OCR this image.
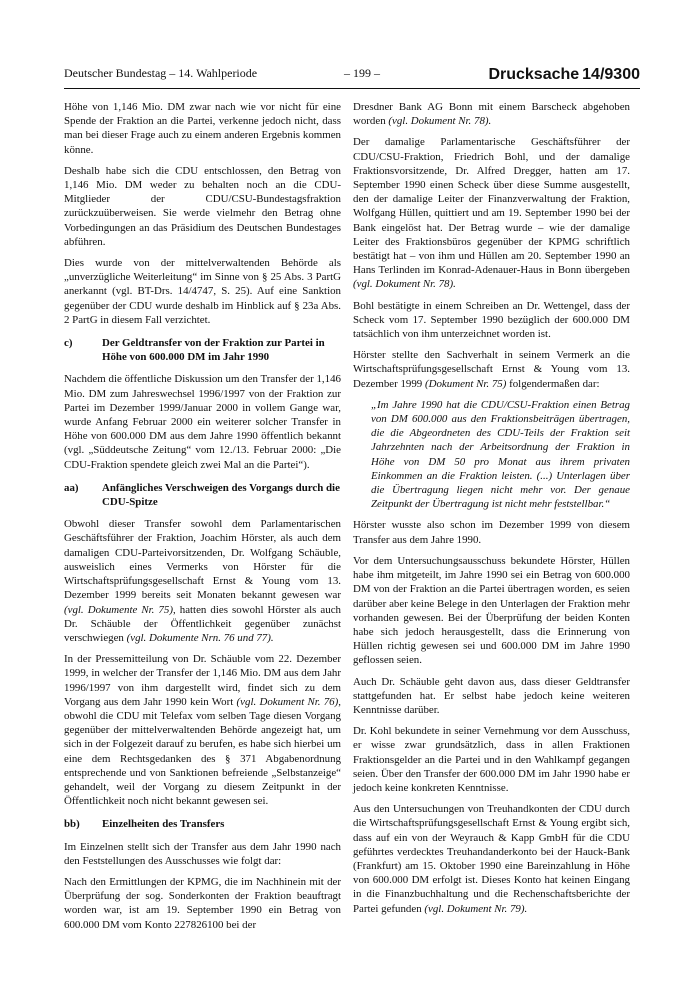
Deutscher Bundestag – 14. Wahlperiode	– 199 –	Drucksache 14/9300

Höhe von 1,146 Mio. DM zwar nach wie vor nicht für eine Spende der Fraktion an die Partei, verkenne jedoch nicht, dass man bei dieser Frage auch zu einem anderen Ergebnis kommen könne.

Deshalb habe sich die CDU entschlossen, den Betrag von 1,146 Mio. DM weder zu behalten noch an die CDU-Mitglieder der CDU/CSU-Bundestagsfraktion zurückzuüberweisen. Sie werde vielmehr den Betrag ohne Vorbedingungen an das Präsidium des Deutschen Bundestages abführen.

Dies wurde von der mittelverwaltenden Behörde als „unverzügliche Weiterleitung“ im Sinne von § 25 Abs. 3 PartG anerkannt (vgl. BT-Drs. 14/4747, S. 25). Auf eine Sanktion gegenüber der CDU wurde deshalb im Hinblick auf § 23a Abs. 2 PartG in diesem Fall verzichtet.

c)	Der Geldtransfer von der Fraktion zur Partei in Höhe von 600.000 DM im Jahr 1990

Nachdem die öffentliche Diskussion um den Transfer der 1,146 Mio. DM zum Jahreswechsel 1996/1997 von der Fraktion zur Partei im Dezember 1999/Januar 2000 in vollem Gange war, wurde Anfang Februar 2000 ein weiterer solcher Transfer in Höhe von 600.000 DM aus dem Jahre 1990 öffentlich bekannt (vgl. „Süddeutsche Zeitung“ vom 12./13. Februar 2000: „Die CDU-Fraktion spendete gleich zwei Mal an die Partei“).

aa)	Anfängliches Verschweigen des Vorgangs durch die CDU-Spitze

Obwohl dieser Transfer sowohl dem Parlamentarischen Geschäftsführer der Fraktion, Joachim Hörster, als auch dem damaligen CDU-Parteivorsitzenden, Dr. Wolfgang Schäuble, ausweislich eines Vermerks von Hörster für die Wirtschaftsprüfungsgesellschaft Ernst & Young vom 13. Dezember 1999 bereits seit Monaten bekannt gewesen war (vgl. Dokumente Nr. 75), hatten dies sowohl Hörster als auch Dr. Schäuble der Öffentlichkeit gegenüber zunächst verschwiegen (vgl. Dokumente Nrn. 76 und 77).

In der Pressemitteilung von Dr. Schäuble vom 22. Dezember 1999, in welcher der Transfer der 1,146 Mio. DM aus dem Jahr 1996/1997 von ihm dargestellt wird, findet sich zu dem Vorgang aus dem Jahr 1990 kein Wort (vgl. Dokument Nr. 76), obwohl die CDU mit Telefax vom selben Tage diesen Vorgang gegenüber der mittelverwaltenden Behörde angezeigt hat, um sich in der Folgezeit darauf zu berufen, es habe sich hierbei um eine dem Rechtsgedanken des § 371 Abgabenordnung entsprechende und von Sanktionen befreiende „Selbstanzeige“ gehandelt, weil der Vorgang zu diesem Zeitpunkt in der Öffentlichkeit noch nicht bekannt gewesen sei.

bb)	Einzelheiten des Transfers

Im Einzelnen stellt sich der Transfer aus dem Jahr 1990 nach den Feststellungen des Ausschusses wie folgt dar:

Nach den Ermittlungen der KPMG, die im Nachhinein mit der Überprüfung der sog. Sonderkonten der Fraktion beauftragt worden war, ist am 19. September 1990 ein Betrag von 600.000 DM vom Konto 227826100 bei der

Dresdner Bank AG Bonn mit einem Barscheck abgehoben worden (vgl. Dokument Nr. 78).

Der damalige Parlamentarische Geschäftsführer der CDU/CSU-Fraktion, Friedrich Bohl, und der damalige Fraktionsvorsitzende, Dr. Alfred Dregger, hatten am 17. September 1990 einen Scheck über diese Summe ausgestellt, den der damalige Leiter der Finanzverwaltung der Fraktion, Wolfgang Hüllen, quittiert und am 19. September 1990 bei der Bank eingelöst hat. Der Betrag wurde – wie der damalige Leiter des Fraktionsbüros gegenüber der KPMG schriftlich bestätigt hat – von ihm und Hüllen am 20. September 1990 an Hans Terlinden im Konrad-Adenauer-Haus in Bonn übergeben (vgl. Dokument Nr. 78).

Bohl bestätigte in einem Schreiben an Dr. Wettengel, dass der Scheck vom 17. September 1990 bezüglich der 600.000 DM tatsächlich von ihm unterzeichnet worden ist.

Hörster stellte den Sachverhalt in seinem Vermerk an die Wirtschaftsprüfungsgesellschaft Ernst & Young vom 13. Dezember 1999 (Dokument Nr. 75) folgendermaßen dar:

„Im Jahre 1990 hat die CDU/CSU-Fraktion einen Betrag von DM 600.000 aus den Fraktionsbeiträgen übertragen, die die Abgeordneten des CDU-Teils der Fraktion seit Jahrzehnten nach der Arbeitsordnung der Fraktion in Höhe von DM 50 pro Monat aus ihrem privaten Einkommen an die Fraktion leisten. (...) Unterlagen über die Übertragung liegen nicht mehr vor. Der genaue Zeitpunkt der Übertragung ist nicht mehr feststellbar.“

Hörster wusste also schon im Dezember 1999 von diesem Transfer aus dem Jahre 1990.

Vor dem Untersuchungsausschuss bekundete Hörster, Hüllen habe ihm mitgeteilt, im Jahre 1990 sei ein Betrag von 600.000 DM von der Fraktion an die Partei übertragen worden, es seien darüber aber keine Belege in den Unterlagen der Fraktion mehr vorhanden gewesen. Bei der Überprüfung der beiden Konten habe sich jedoch herausgestellt, dass die Erinnerung von Hüllen richtig gewesen sei und 600.000 DM im Jahre 1990 geflossen seien.

Auch Dr. Schäuble geht davon aus, dass dieser Geldtransfer stattgefunden hat. Er selbst habe jedoch keine weiteren Kenntnisse darüber.

Dr. Kohl bekundete in seiner Vernehmung vor dem Ausschuss, er wisse zwar grundsätzlich, dass in allen Fraktionen Fraktionsgelder an die Partei und in den Wahlkampf gegangen seien. Über den Transfer der 600.000 DM im Jahr 1990 habe er jedoch keine konkreten Kenntnisse.

Aus den Untersuchungen von Treuhandkonten der CDU durch die Wirtschaftsprüfungsgesellschaft Ernst & Young ergibt sich, dass auf ein von der Weyrauch & Kapp GmbH für die CDU geführtes verdecktes Treuhandanderkonto bei der Hauck-Bank (Frankfurt) am 15. Oktober 1990 eine Bareinzahlung in Höhe von 600.000 DM erfolgt ist. Dieses Konto hat keinen Eingang in die Finanzbuchhaltung und die Rechenschaftsberichte der Partei gefunden (vgl. Dokument Nr. 79).
